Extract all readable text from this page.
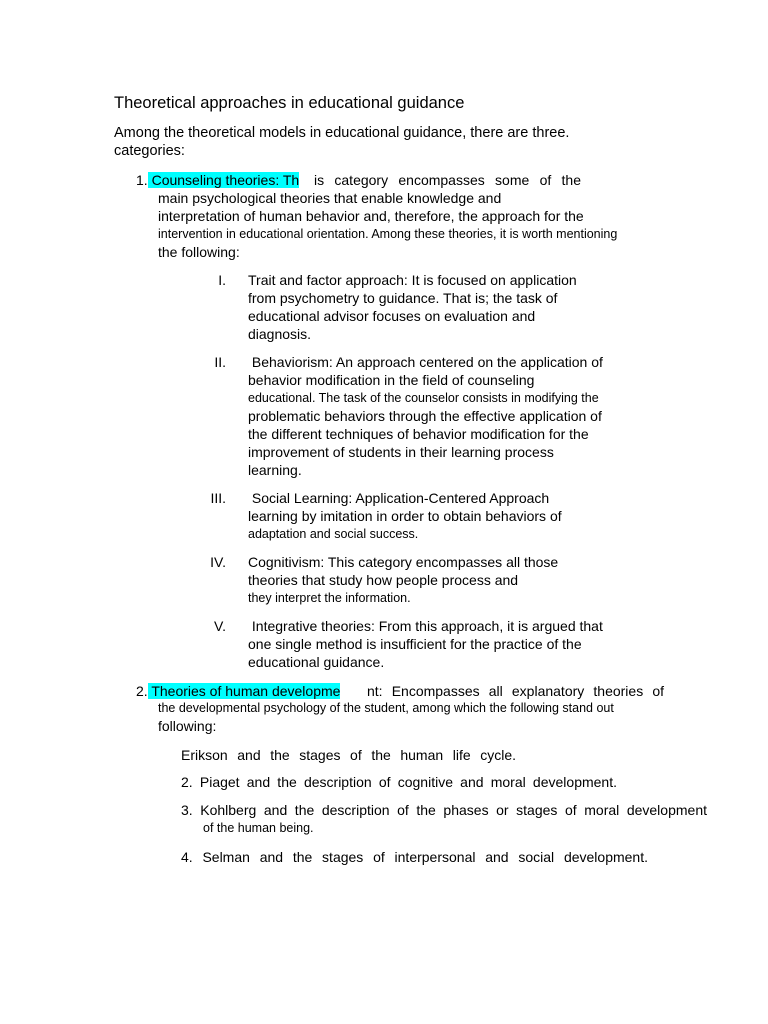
Theoretical approaches in educational guidance
Among the theoretical models in educational guidance, there are three.
categories:
1. Counseling theories: Th is category encompasses some of the
main psychological theories that enable knowledge and
interpretation of human behavior and, therefore, the approach for the
intervention in educational orientation. Among these theories, it is worth mentioning
the following:
I. Trait and factor approach: It is focused on application
from psychometry to guidance. That is; the task of
educational advisor focuses on evaluation and
diagnosis.
II. Behaviorism: An approach centered on the application of
behavior modification in the field of counseling
educational. The task of the counselor consists in modifying the
problematic behaviors through the effective application of
the different techniques of behavior modification for the
improvement of students in their learning process
learning.
III. Social Learning: Application-Centered Approach
learning by imitation in order to obtain behaviors of
adaptation and social success.
IV. Cognitivism: This category encompasses all those
theories that study how people process and
they interpret the information.
V. Integrative theories: From this approach, it is argued that
one single method is insufficient for the practice of the
educational guidance.
2. Theories of human developme nt: Encompasses all explanatory theories of
the developmental psychology of the student, among which the following stand out
following:
Erikson and the stages of the human life cycle.
2. Piaget and the description of cognitive and moral development.
3. Kohlberg and the description of the phases or stages of moral development
of the human being.
4. Selman and the stages of interpersonal and social development.
